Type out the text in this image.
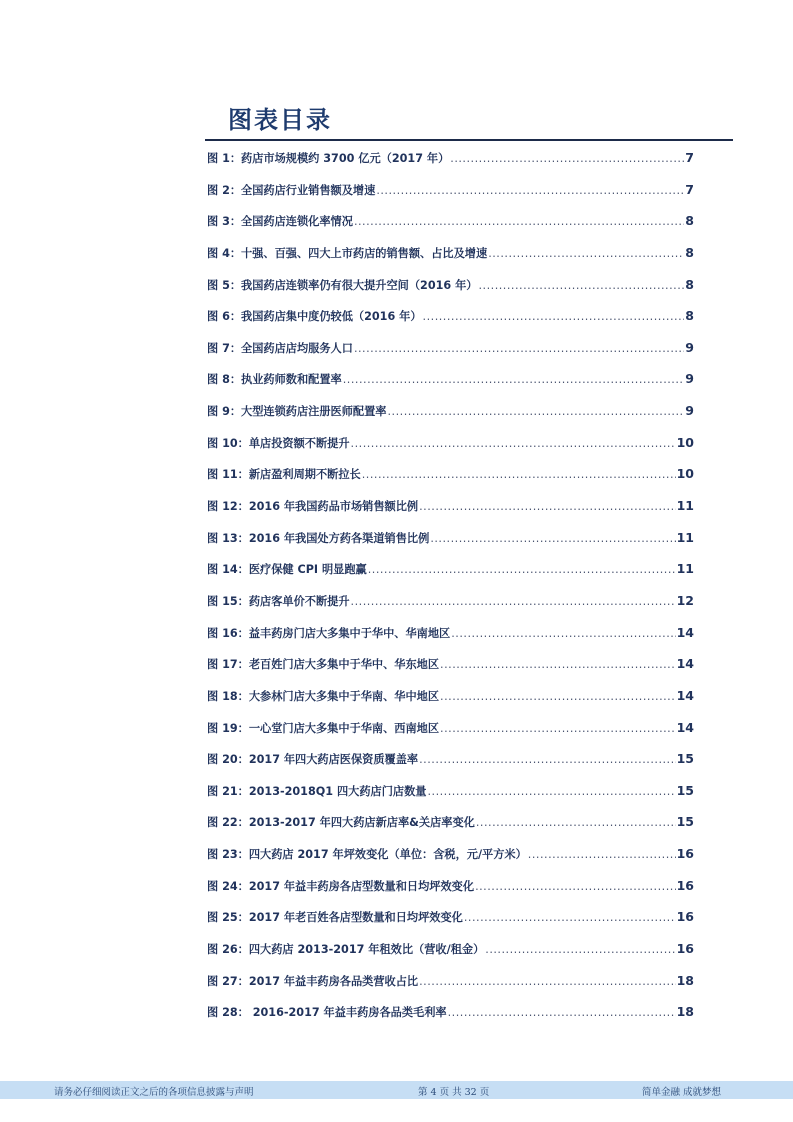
图表目录
图 1：药店市场规模约 3700 亿元（2017 年） .....	7
图 2：全国药店行业销售额及增速 .....	7
图 3：全国药店连锁化率情况 .....	8
图 4：十强、百强、四大上市药店的销售额、占比及增速 .....	8
图 5：我国药店连锁率仍有很大提升空间（2016 年） .....	8
图 6：我国药店集中度仍较低（2016 年） .....	8
图 7：全国药店店均服务人口 .....	9
图 8：执业药师数和配置率 .....	9
图 9：大型连锁药店注册医师配置率 .....	9
图 10：单店投资额不断提升 .....	10
图 11：新店盈利周期不断拉长 .....	10
图 12：2016 年我国药品市场销售额比例 .....	11
图 13：2016 年我国处方药各渠道销售比例 .....	11
图 14：医疗保健 CPI 明显跑赢 .....	11
图 15：药店客单价不断提升 .....	12
图 16：益丰药房门店大多集中于华中、华南地区 .....	14
图 17：老百姓门店大多集中于华中、华东地区 .....	14
图 18：大参林门店大多集中于华南、华中地区 .....	14
图 19：一心堂门店大多集中于华南、西南地区 .....	14
图 20：2017 年四大药店医保资质覆盖率 .....	15
图 21：2013-2018Q1 四大药店门店数量 .....	15
图 22：2013-2017 年四大药店新店率&关店率变化 .....	15
图 23：四大药店 2017 年坪效变化（单位：含税，元/平方米） .....	16
图 24：2017 年益丰药房各店型数量和日均坪效变化 .....	16
图 25：2017 年老百姓各店型数量和日均坪效变化 .....	16
图 26：四大药店 2013-2017 年租效比（营收/租金） .....	16
图 27：2017 年益丰药房各品类营收占比 .....	18
图 28： 2016-2017 年益丰药房各品类毛利率 .....	18
请务必仔细阅读正文之后的各项信息披露与声明	第 4 页 共 32 页	简单金融 成就梦想
